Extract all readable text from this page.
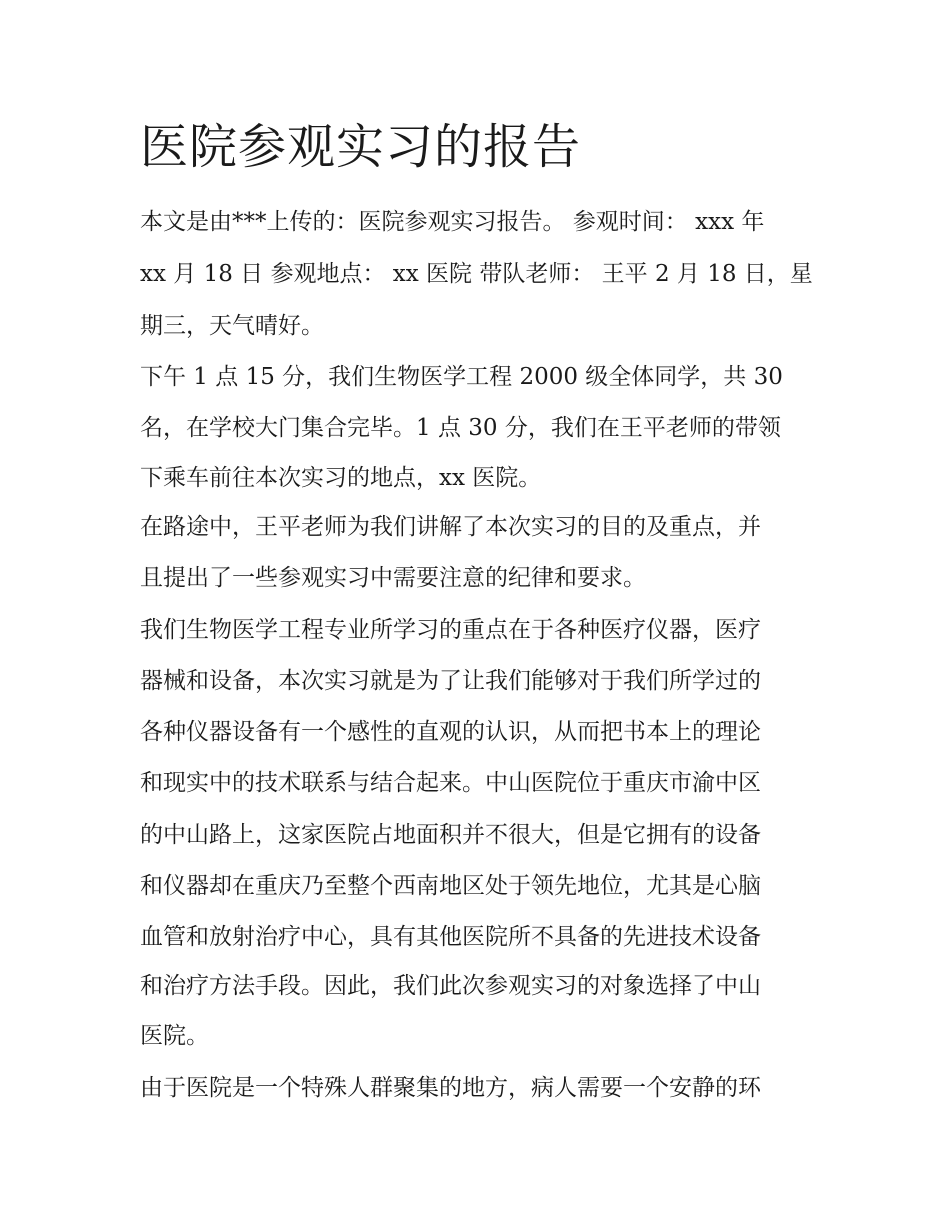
医院参观实习的报告

本文是由***上传的：医院参观实习报告。 参观时间： xxx 年

xx 月 18 日 参观地点： xx 医院 带队老师： 王平 2 月 18 日，星

期三，天气晴好。

下午 1 点 15 分，我们生物医学工程 2000 级全体同学，共 30

名，在学校大门集合完毕。1 点 30 分，我们在王平老师的带领

下乘车前往本次实习的地点，xx 医院。

在路途中，王平老师为我们讲解了本次实习的目的及重点，并

且提出了一些参观实习中需要注意的纪律和要求。

我们生物医学工程专业所学习的重点在于各种医疗仪器，医疗

器械和设备，本次实习就是为了让我们能够对于我们所学过的

各种仪器设备有一个感性的直观的认识，从而把书本上的理论

和现实中的技术联系与结合起来。中山医院位于重庆市渝中区

的中山路上，这家医院占地面积并不很大，但是它拥有的设备

和仪器却在重庆乃至整个西南地区处于领先地位，尤其是心脑

血管和放射治疗中心，具有其他医院所不具备的先进技术设备

和治疗方法手段。因此，我们此次参观实习的对象选择了中山

医院。

由于医院是一个特殊人群聚集的地方，病人需要一个安静的环
